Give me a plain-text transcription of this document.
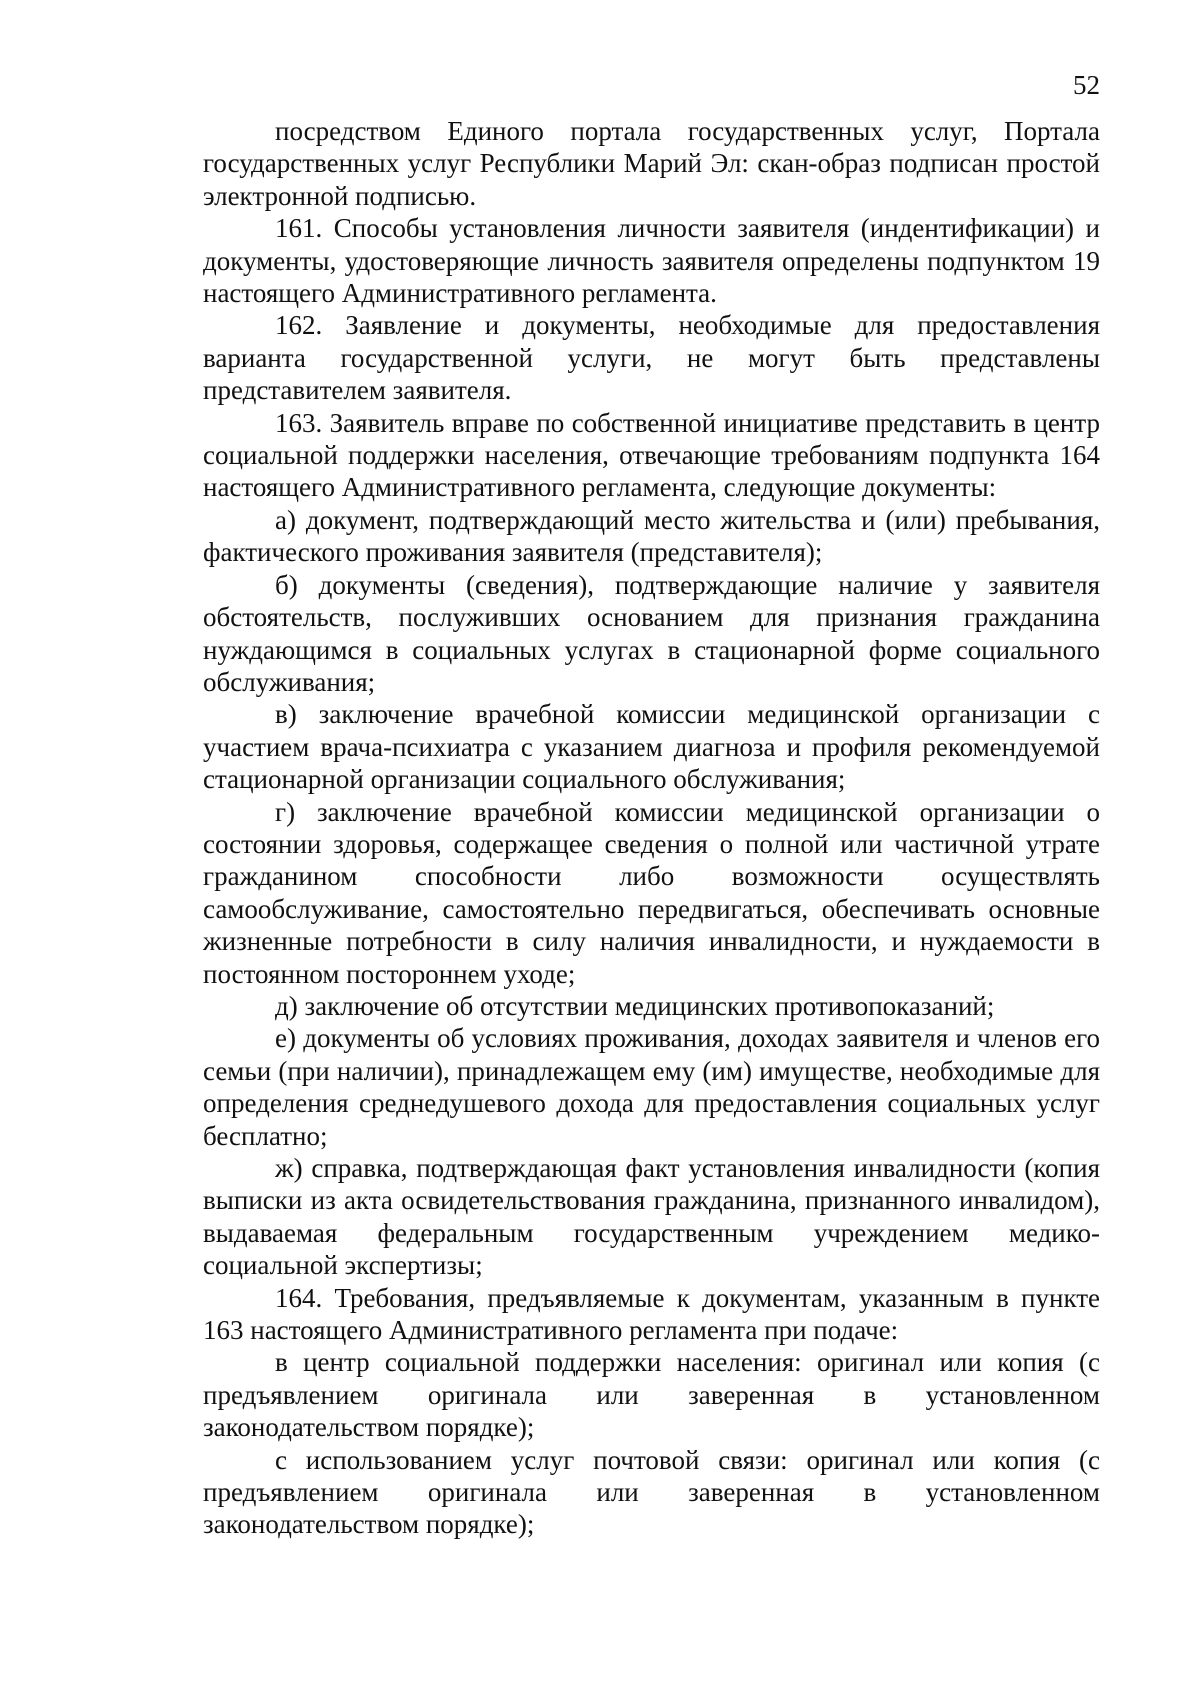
52

посредством Единого портала государственных услуг, Портала государственных услуг Республики Марий Эл: скан-образ подписан простой электронной подписью.

161. Способы установления личности заявителя (индентификации) и документы, удостоверяющие личность заявителя определены подпунктом 19 настоящего Административного регламента.

162. Заявление и документы, необходимые для предоставления варианта государственной услуги, не могут быть представлены представителем заявителя.

163. Заявитель вправе по собственной инициативе представить в центр социальной поддержки населения, отвечающие требованиям подпункта 164 настоящего Административного регламента, следующие документы:

а) документ, подтверждающий место жительства и (или) пребывания, фактического проживания заявителя (представителя);

б) документы (сведения), подтверждающие наличие у заявителя обстоятельств, послуживших основанием для признания гражданина нуждающимся в социальных услугах в стационарной форме социального обслуживания;

в) заключение врачебной комиссии медицинской организации с участием врача-психиатра с указанием диагноза и профиля рекомендуемой стационарной организации социального обслуживания;

г) заключение врачебной комиссии медицинской организации о состоянии здоровья, содержащее сведения о полной или частичной утрате гражданином способности либо возможности осуществлять самообслуживание, самостоятельно передвигаться, обеспечивать основные жизненные потребности в силу наличия инвалидности, и нуждаемости в постоянном постороннем уходе;

д) заключение об отсутствии медицинских противопоказаний;

е) документы об условиях проживания, доходах заявителя и членов его семьи (при наличии), принадлежащем ему (им) имуществе, необходимые для определения среднедушевого дохода для предоставления социальных услуг бесплатно;

ж) справка, подтверждающая факт установления инвалидности (копия выписки из акта освидетельствования гражданина, признанного инвалидом), выдаваемая федеральным государственным учреждением медико-социальной экспертизы;

164. Требования, предъявляемые к документам, указанным в пункте 163 настоящего Административного регламента при подаче:

в центр социальной поддержки населения: оригинал или копия (с предъявлением оригинала или заверенная в установленном законодательством порядке);

с использованием услуг почтовой связи: оригинал или копия (с предъявлением оригинала или заверенная в установленном законодательством порядке);
